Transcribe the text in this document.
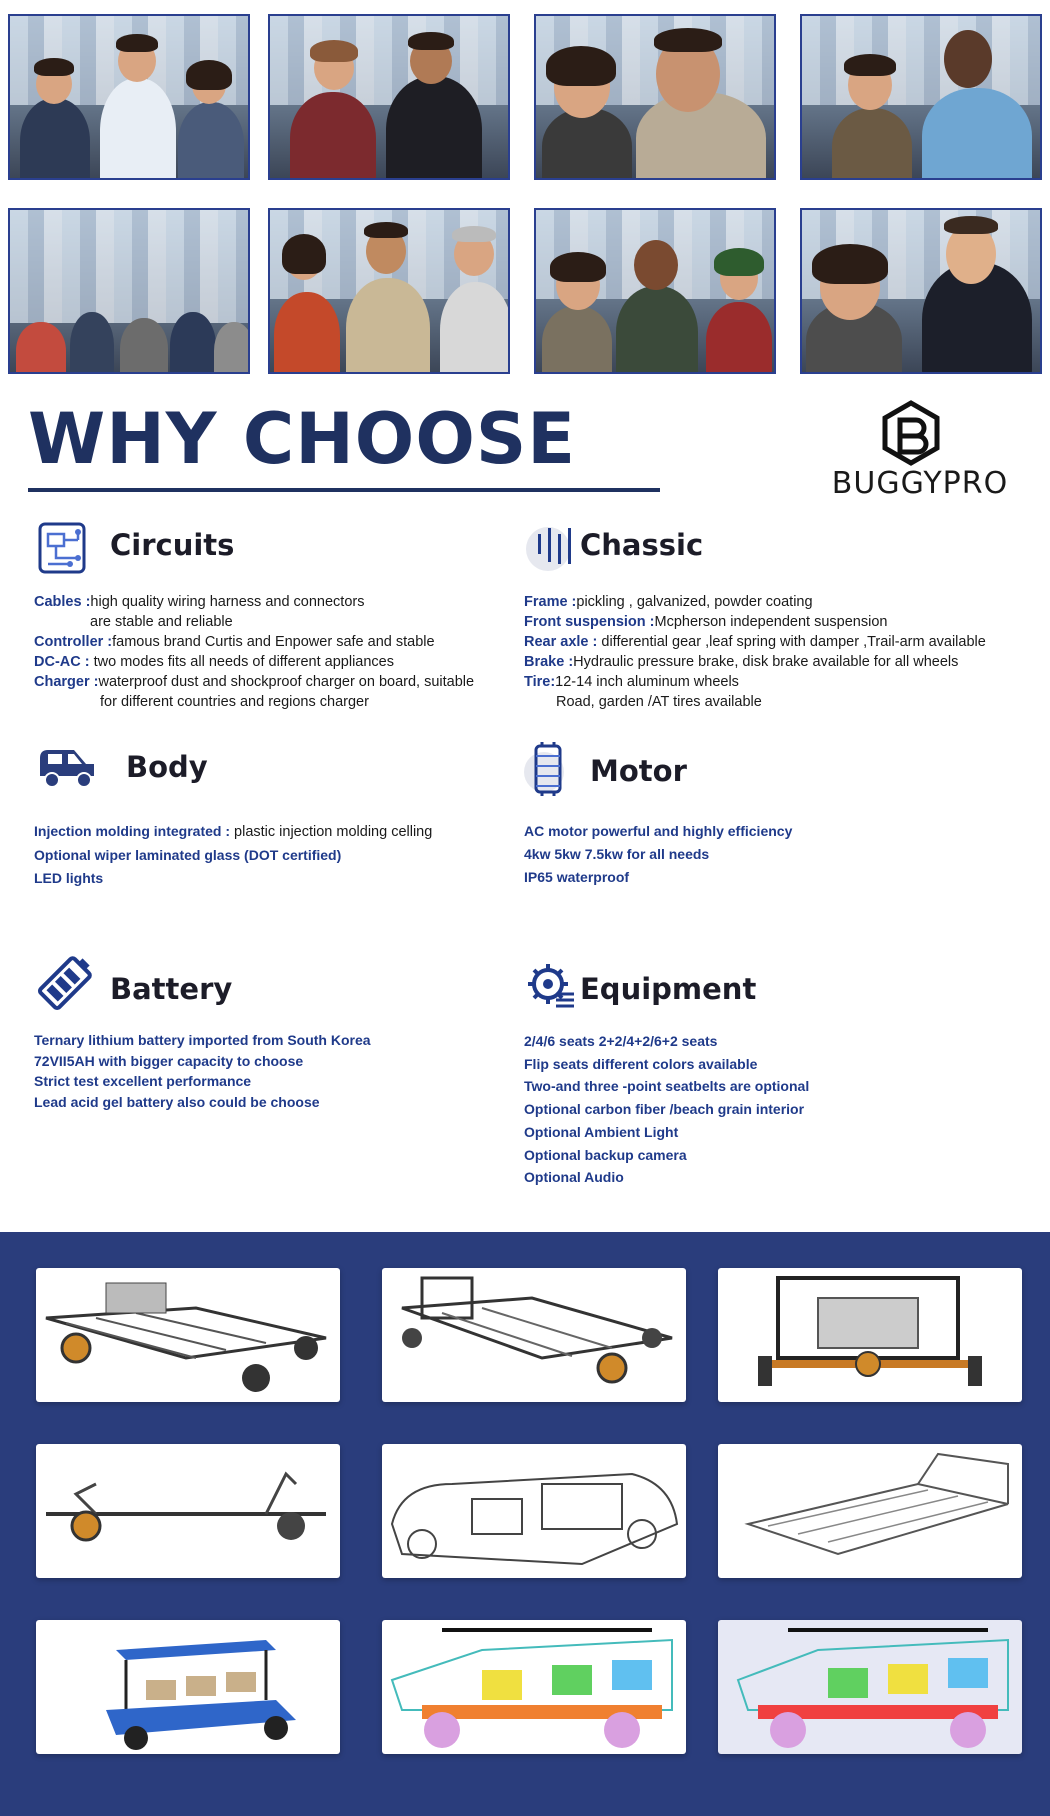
WHY CHOOSE
BUGGYPRO
Circuits
Cables :high quality wiring harness and connectors
are stable and reliable
Controller :famous brand Curtis and Enpower safe and stable
DC-AC : two modes fits all needs of different appliances
Charger :waterproof dust and shockproof charger on board, suitable
for different countries and regions charger
Chassic
Frame :pickling , galvanized, powder coating
Front suspension :Mcpherson independent suspension
Rear axle : differential gear ,leaf spring with damper ,Trail-arm available
Brake :Hydraulic pressure brake, disk brake available for all wheels
Tire:12-14 inch aluminum wheels
Road, garden /AT tires available
Body
Injection molding integrated : plastic injection molding celling
Optional wiper laminated glass (DOT certified)
LED lights
Motor
AC motor powerful and highly efficiency
4kw 5kw 7.5kw for all needs
IP65 waterproof
Battery
Ternary lithium battery imported from South Korea
72VII5AH with bigger capacity to choose
Strict test excellent performance
Lead acid gel battery also could be choose
Equipment
2/4/6 seats 2+2/4+2/6+2 seats
Flip seats different colors available
Two-and three -point seatbelts are optional
Optional carbon fiber /beach grain interior
Optional Ambient Light
Optional backup camera
Optional Audio
